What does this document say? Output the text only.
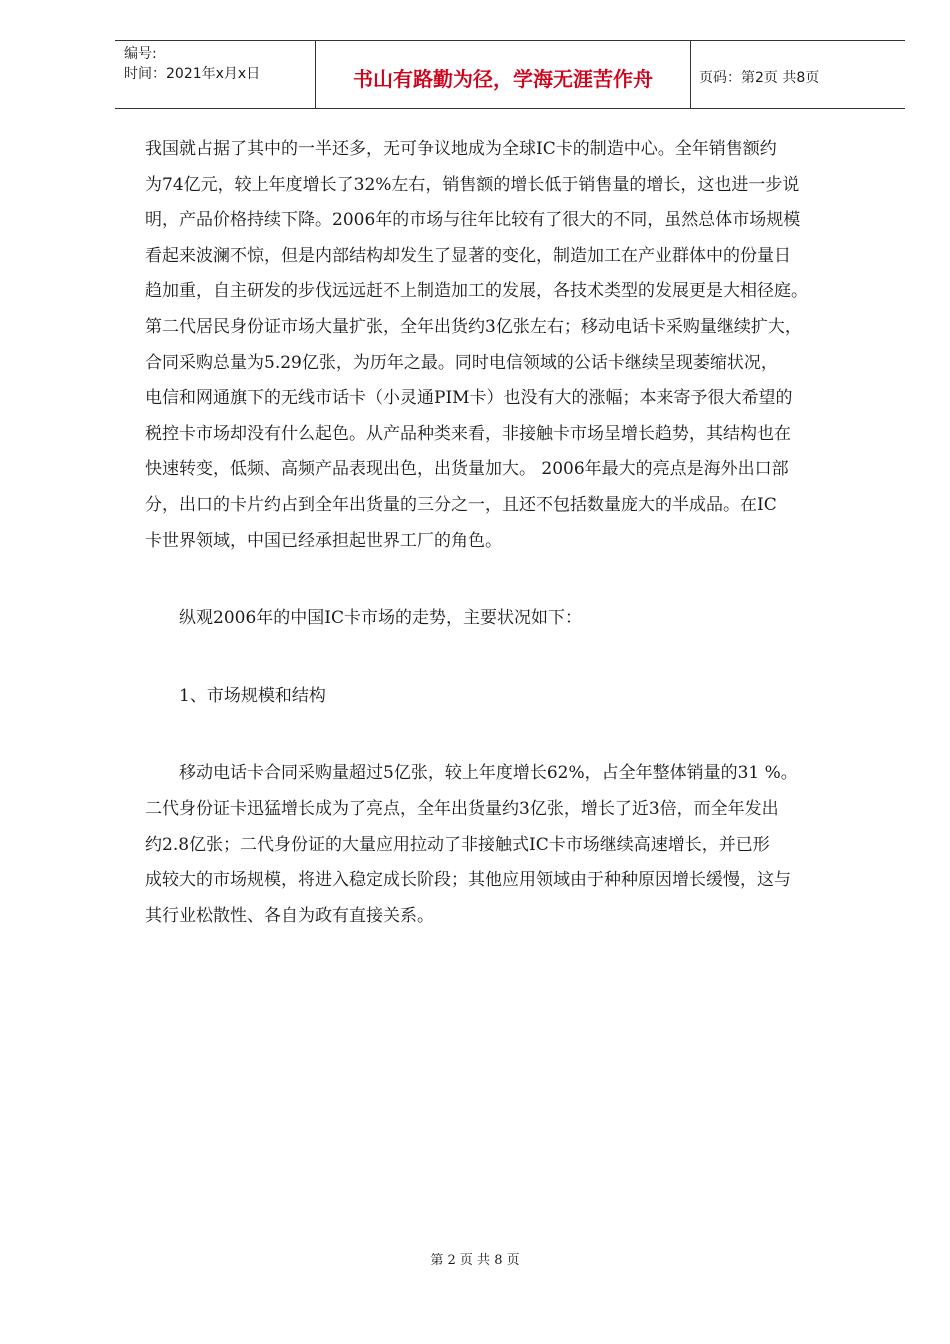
编号:
时间：2021年x月x日	书山有路勤为径，学海无涯苦作舟	页码：第2页 共8页
我国就占据了其中的一半还多，无可争议地成为全球IC卡的制造中心。全年销售额约
为74亿元，较上年度增长了32%左右，销售额的增长低于销售量的增长，这也进一步说
明，产品价格持续下降。2006年的市场与往年比较有了很大的不同，虽然总体市场规模
看起来波澜不惊，但是内部结构却发生了显著的变化，制造加工在产业群体中的份量日
趋加重，自主研发的步伐远远赶不上制造加工的发展，各技术类型的发展更是大相径庭。
第二代居民身份证市场大量扩张，全年出货约3亿张左右；移动电话卡采购量继续扩大，
合同采购总量为5.29亿张，为历年之最。同时电信领域的公话卡继续呈现萎缩状况，
电信和网通旗下的无线市话卡（小灵通PIM卡）也没有大的涨幅；本来寄予很大希望的
税控卡市场却没有什么起色。从产品种类来看，非接触卡市场呈增长趋势，其结构也在
快速转变，低频、高频产品表现出色，出货量加大。 2006年最大的亮点是海外出口部
分，出口的卡片约占到全年出货量的三分之一，且还不包括数量庞大的半成品。在IC
卡世界领域，中国已经承担起世界工厂的角色。
纵观2006年的中国IC卡市场的走势，主要状况如下：
1、市场规模和结构
移动电话卡合同采购量超过5亿张，较上年度增长62%，占全年整体销量的31 %。
二代身份证卡迅猛增长成为了亮点，全年出货量约3亿张，增长了近3倍，而全年发出
约2.8亿张；二代身份证的大量应用拉动了非接触式IC卡市场继续高速增长，并已形
成较大的市场规模，将进入稳定成长阶段；其他应用领域由于种种原因增长缓慢，这与
其行业松散性、各自为政有直接关系。
第 2 页 共 8 页
